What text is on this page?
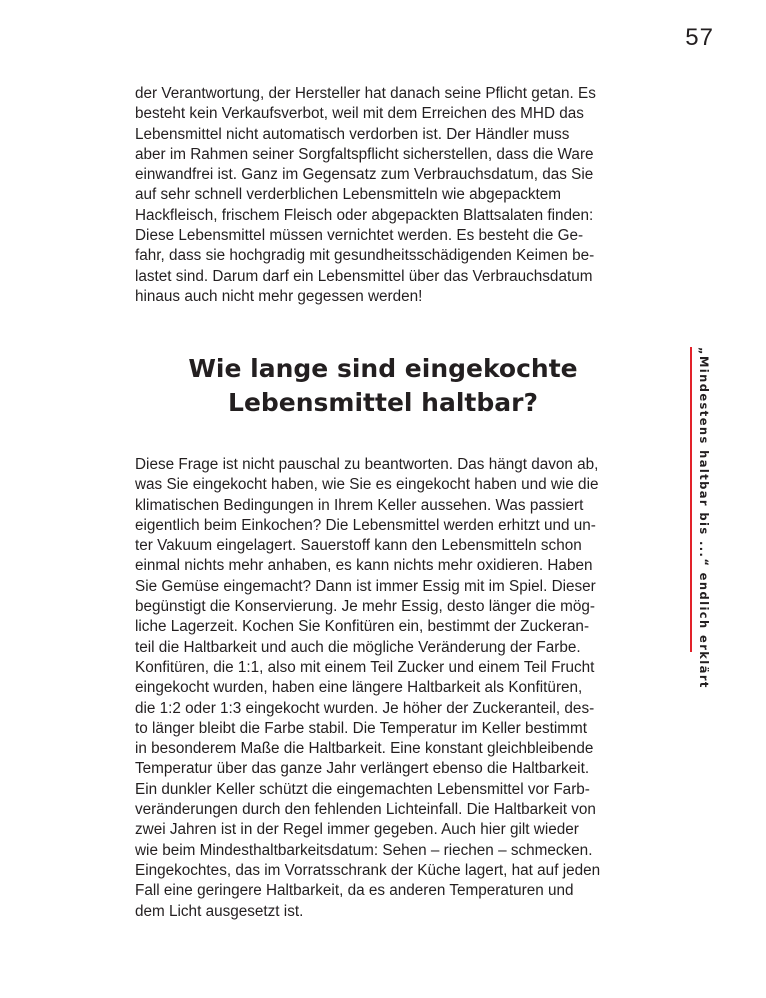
57
„Mindestens haltbar bis ...“ endlich erklärt
der Verantwortung, der Hersteller hat danach seine Pflicht getan. Es
besteht kein Verkaufsverbot, weil mit dem Erreichen des MHD das
Lebensmittel nicht automatisch verdorben ist. Der Händler muss
aber im Rahmen seiner Sorgfaltspflicht sicherstellen, dass die Ware
einwandfrei ist. Ganz im Gegensatz zum Verbrauchsdatum, das Sie
auf sehr schnell verderblichen Lebensmitteln wie abgepacktem
Hackfleisch, frischem Fleisch oder abgepackten Blattsalaten finden:
Diese Lebensmittel müssen vernichtet werden. Es besteht die Ge-
fahr, dass sie hochgradig mit gesundheitsschädigenden Keimen be-
lastet sind. Darum darf ein Lebensmittel über das Verbrauchsdatum
hinaus auch nicht mehr gegessen werden!
Wie lange sind eingekochte
Lebensmittel haltbar?
Diese Frage ist nicht pauschal zu beantworten. Das hängt davon ab,
was Sie eingekocht haben, wie Sie es eingekocht haben und wie die
klimatischen Bedingungen in Ihrem Keller aussehen. Was passiert
eigentlich beim Einkochen? Die Lebensmittel werden erhitzt und un-
ter Vakuum eingelagert. Sauerstoff kann den Lebensmitteln schon
einmal nichts mehr anhaben, es kann nichts mehr oxidieren. Haben
Sie Gemüse eingemacht? Dann ist immer Essig mit im Spiel. Dieser
begünstigt die Konservierung. Je mehr Essig, desto länger die mög-
liche Lagerzeit. Kochen Sie Konfitüren ein, bestimmt der Zuckeran-
teil die Haltbarkeit und auch die mögliche Veränderung der Farbe.
Konfitüren, die 1:1, also mit einem Teil Zucker und einem Teil Frucht
eingekocht wurden, haben eine längere Haltbarkeit als Konfitüren,
die 1:2 oder 1:3 eingekocht wurden. Je höher der Zuckeranteil, des-
to länger bleibt die Farbe stabil. Die Temperatur im Keller bestimmt
in besonderem Maße die Haltbarkeit. Eine konstant gleichbleibende
Temperatur über das ganze Jahr verlängert ebenso die Haltbarkeit.
Ein dunkler Keller schützt die eingemachten Lebensmittel vor Farb-
veränderungen durch den fehlenden Lichteinfall. Die Haltbarkeit von
zwei Jahren ist in der Regel immer gegeben. Auch hier gilt wieder
wie beim Mindesthaltbarkeitsdatum: Sehen – riechen – schmecken.
Eingekochtes, das im Vorratsschrank der Küche lagert, hat auf jeden
Fall eine geringere Haltbarkeit, da es anderen Temperaturen und
dem Licht ausgesetzt ist.
